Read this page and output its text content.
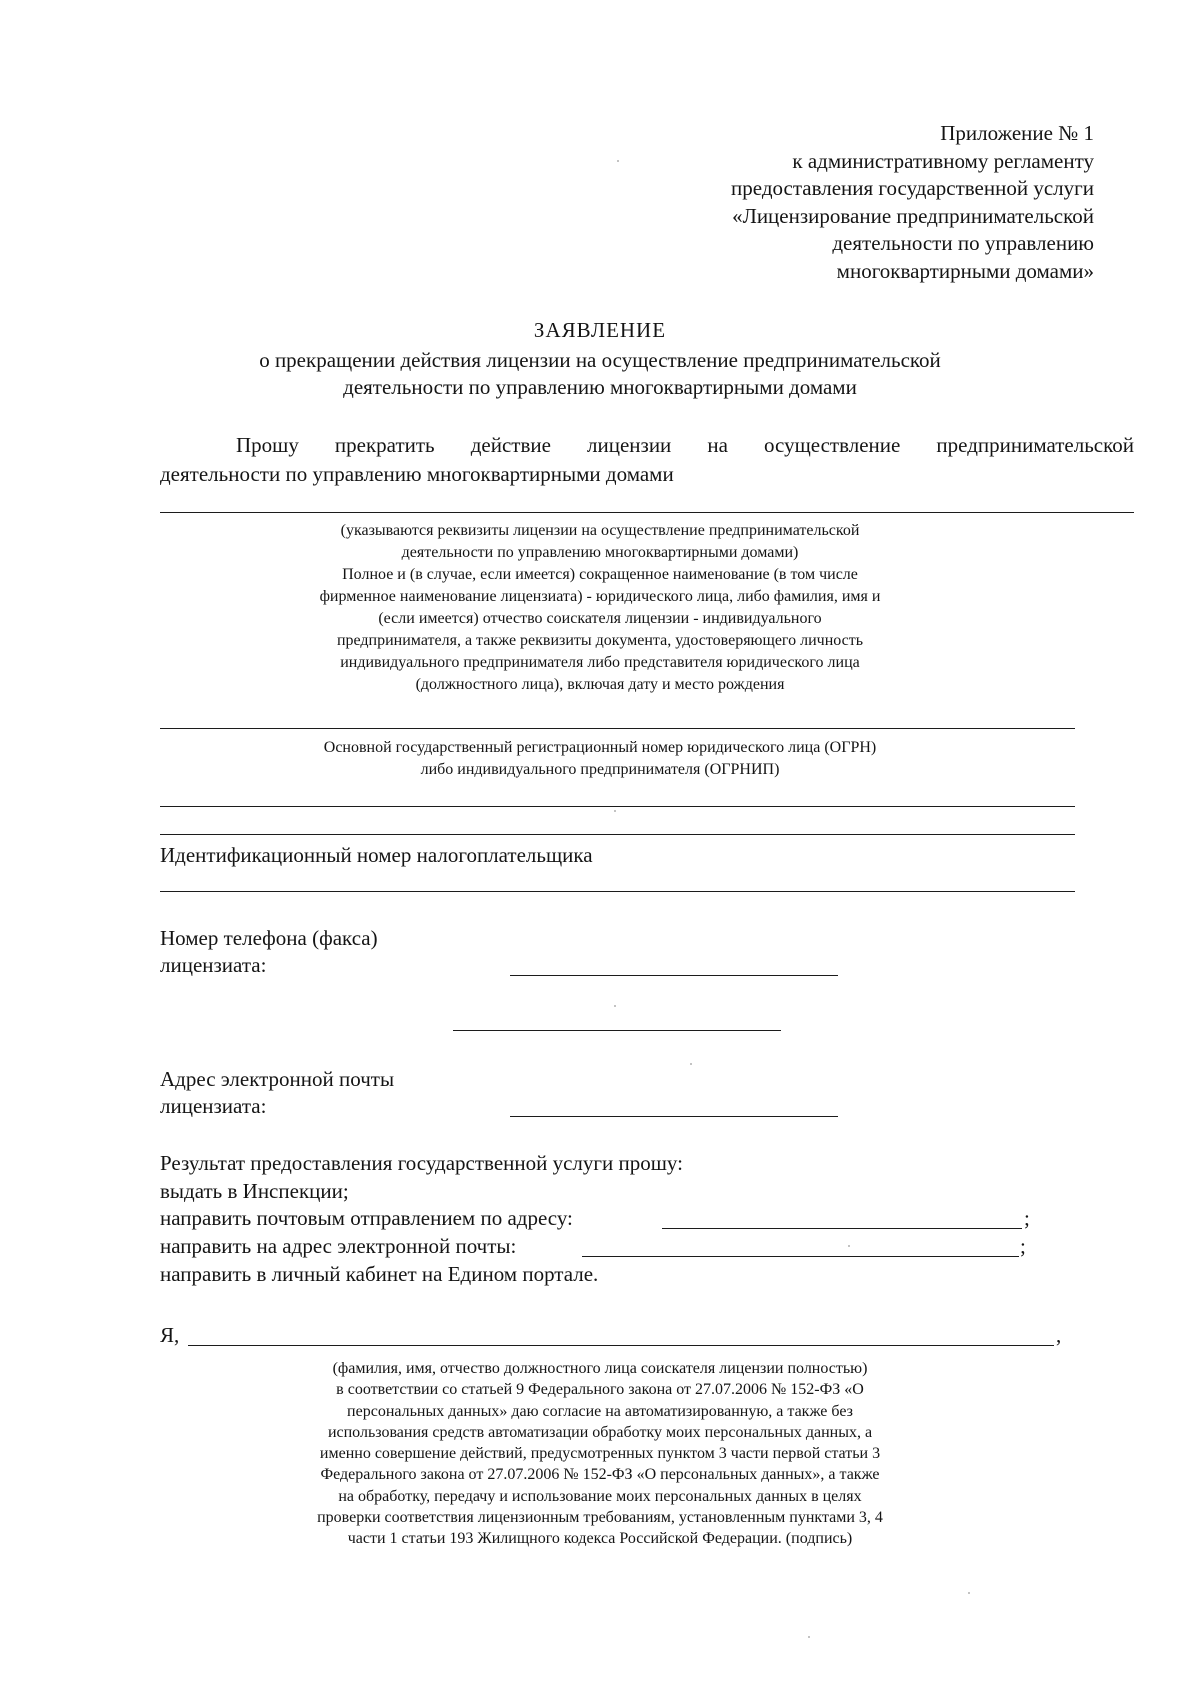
Приложение № 1
к административному регламенту
предоставления государственной услуги
«Лицензирование предпринимательской
деятельности по управлению
многоквартирными домами»
ЗАЯВЛЕНИЕ
о прекращении действия лицензии на осуществление предпринимательской
деятельности по управлению многоквартирными домами
Прошу прекратить действие лицензии на осуществление предпринимательской
деятельности по управлению многоквартирными домами
(указываются реквизиты лицензии на осуществление предпринимательской
деятельности по управлению многоквартирными домами)
Полное и (в случае, если имеется) сокращенное наименование (в том числе
фирменное наименование лицензиата) - юридического лица, либо фамилия, имя и
(если имеется) отчество соискателя лицензии - индивидуального
предпринимателя, а также реквизиты документа, удостоверяющего личность
индивидуального предпринимателя либо представителя юридического лица
(должностного лица), включая дату и место рождения
Основной государственный регистрационный номер юридического лица (ОГРН)
либо индивидуального предпринимателя (ОГРНИП)
Идентификационный номер налогоплательщика
Номер телефона (факса)
лицензиата:
Адрес электронной почты
лицензиата:
Результат предоставления государственной услуги прошу:
выдать в Инспекции;
направить почтовым отправлением по адресу:	;
направить на адрес электронной почты:	;
направить в личный кабинет на Едином портале.
Я,	,
(фамилия, имя, отчество должностного лица соискателя лицензии полностью)
в соответствии со статьей 9 Федерального закона от 27.07.2006 № 152-ФЗ «О
персональных данных» даю согласие на автоматизированную, а также без
использования средств автоматизации обработку моих персональных данных, а
именно совершение действий, предусмотренных пунктом 3 части первой статьи 3
Федерального закона от 27.07.2006 № 152-ФЗ «О персональных данных», а также
на обработку, передачу и использование моих персональных данных в целях
проверки соответствия лицензионным требованиям, установленным пунктами 3, 4
части 1 статьи 193 Жилищного кодекса Российской Федерации. (подпись)
